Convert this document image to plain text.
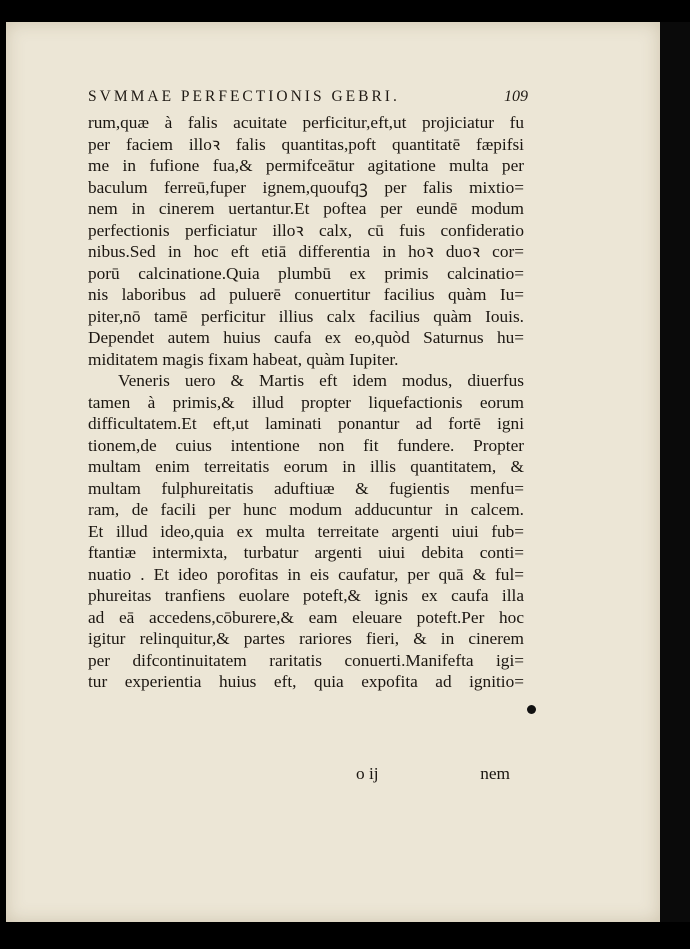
SVMMAE PERFECTIONIS GEBRI.	109
rum,quæ à falis acuitate perficitur,eft,ut projiciatur fu
per faciem illoꝛ falis quantitas,poft quantitatē fæpifsi
me in fufione fua,& permifceātur agitatione multa per
baculum ferreū,fuper ignem,quoufqꝫ per falis mixtio=
nem in cinerem uertantur.Et poftea per eundē modum
perfectionis perficiatur illoꝛ calx, cū fuis confideratio
nibus.Sed in hoc eft etiā differentia in hoꝛ duoꝛ cor=
porū calcinatione.Quia plumbū ex primis calcinatio=
nis laboribus ad puluerē conuertitur facilius quàm Iu=
piter,nō tamē perficitur illius calx facilius quàm Iouis.
Dependet autem huius caufa ex eo,quòd Saturnus hu=
miditatem magis fixam habeat, quàm Iupiter.
Veneris uero & Martis eft idem modus, diuerfus
tamen à primis,& illud propter liquefactionis eorum
difficultatem.Et eft,ut laminati ponantur ad fortē igni
tionem,de cuius intentione non fit fundere. Propter
multam enim terreitatis eorum in illis quantitatem, &
multam fulphureitatis aduftiuæ & fugientis menfu=
ram, de facili per hunc modum adducuntur in calcem.
Et illud ideo,quia ex multa terreitate argenti uiui fub=
ftantiæ intermixta, turbatur argenti uiui debita conti=
nuatio . Et ideo porofitas in eis caufatur, per quā & ful=
phureitas tranfiens euolare poteft,& ignis ex caufa illa
ad eā accedens,cōburere,& eam eleuare poteft.Per hoc
igitur relinquitur,& partes rariores fieri, & in cinerem
per difcontinuitatem raritatis conuerti.Manifefta igi=
tur experientia huius eft, quia expofita ad ignitio=
o ij	nem
